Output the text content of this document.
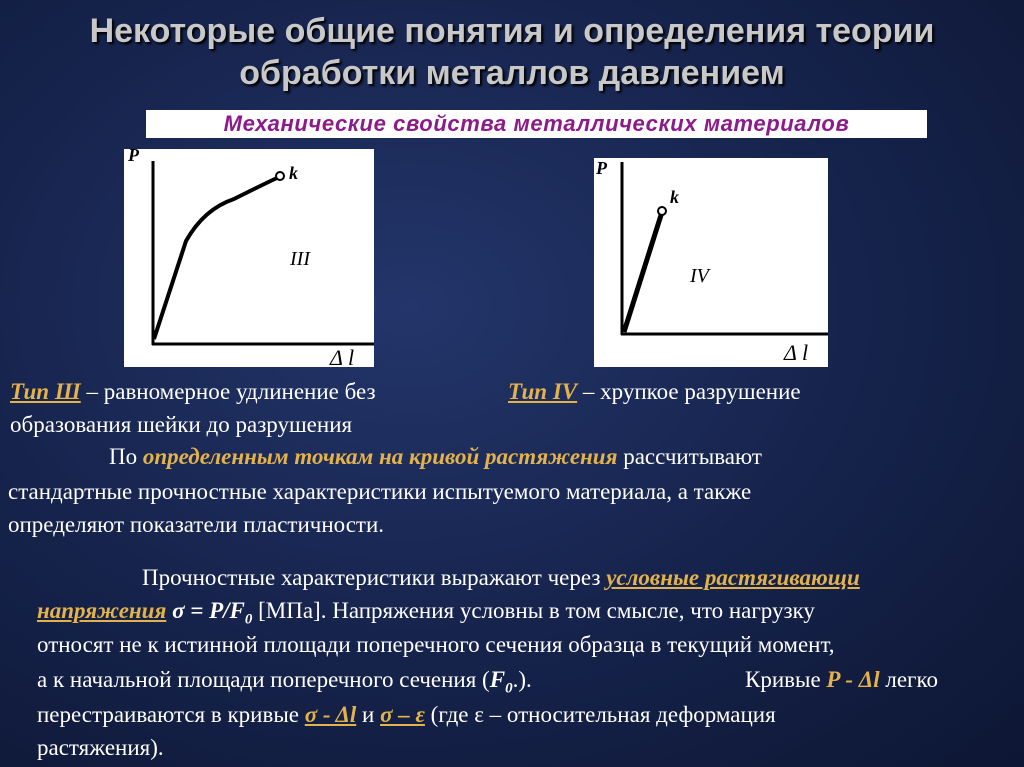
Некоторые общие понятия и определения теории
обработки металлов давлением
Механические свойства металлических материалов
P
k
III
Δ l
P
k
IV
Δ l
Тип Ш – равномерное удлинение без
образования шейки до разрушения
Тип IV – хрупкое разрушение
По определенным точкам на кривой растяжения рассчитывают
стандартные прочностные характеристики испытуемого материала, а также
определяют показатели пластичности.
Прочностные характеристики выражают через условные растягивающи
напряжения $\sigma = P/F_0$ [МПа]. Напряжения условны в том смысле, что нагрузку
относят не к истинной площади поперечного сечения образца в текущий момент,
а к начальной площади поперечного сечения $(F_0.)$.	Кривые P - Δl легко
перестраиваются в кривые σ - Δl и σ – ε (где ε – относительная деформация
растяжения).
